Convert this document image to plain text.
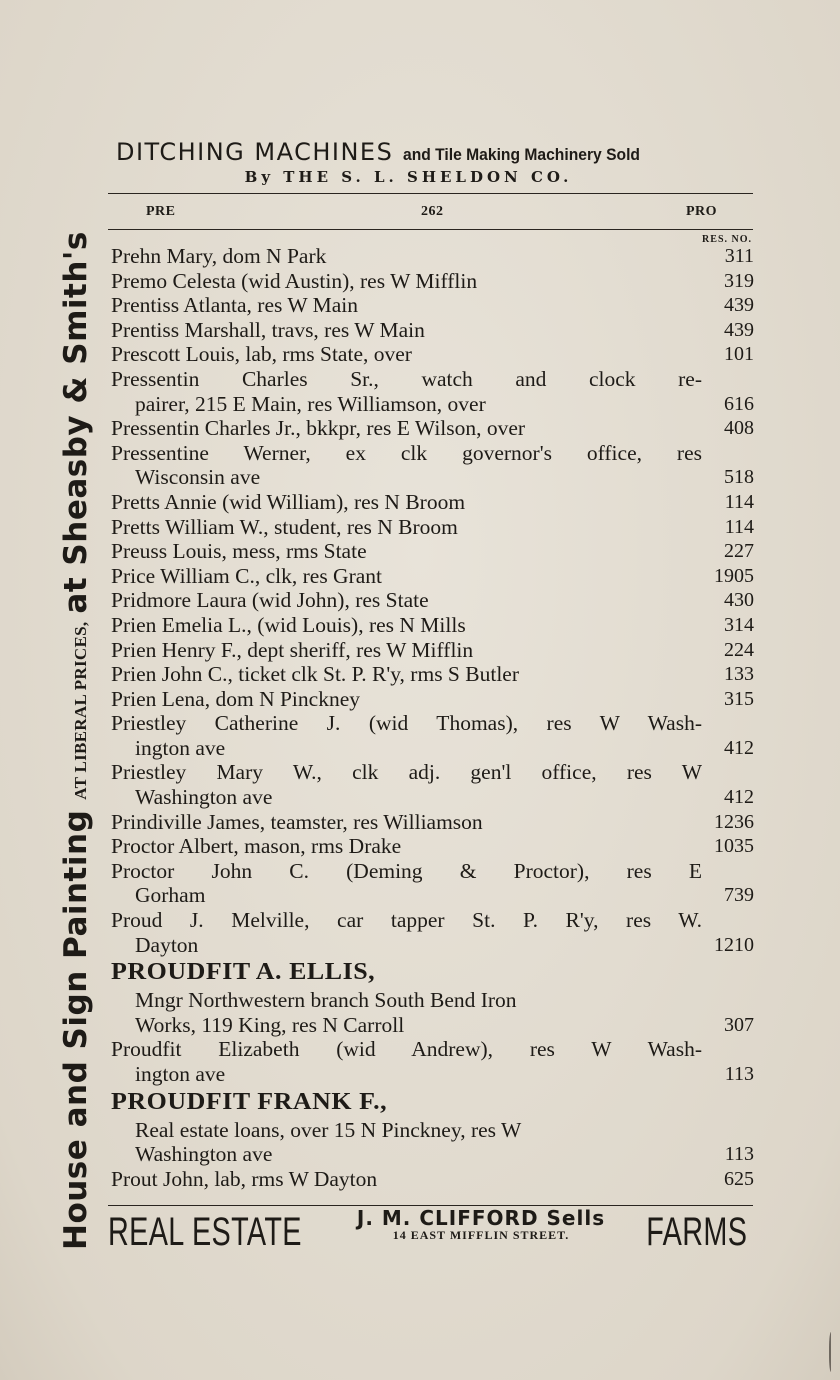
House and Sign Painting
AT LIBERAL PRICES,
at Sheasby & Smith's
DITCHING MACHINES and Tile Making Machinery Sold
By THE S. L. SHELDON CO.
PRE	262	PRO
RES. NO.
Prehn Mary, dom N Park	311
Premo Celesta (wid Austin), res W Mifflin	319
Prentiss Atlanta, res W Main	439
Prentiss Marshall, travs, res W Main	439
Prescott Louis, lab, rms State, over	101
Pressentin Charles Sr., watch and clock re-
pairer, 215 E Main, res Williamson, over	616
Pressentin Charles Jr., bkkpr, res E Wilson, over	408
Pressentine Werner, ex clk governor's office, res
Wisconsin ave	518
Pretts Annie (wid William), res N Broom	114
Pretts William W., student, res N Broom	114
Preuss Louis, mess, rms State	227
Price William C., clk, res Grant	1905
Pridmore Laura (wid John), res State	430
Prien Emelia L., (wid Louis), res N Mills	314
Prien Henry F., dept sheriff, res W Mifflin	224
Prien John C., ticket clk St. P. R'y, rms S Butler	133
Prien Lena, dom N Pinckney	315
Priestley Catherine J. (wid Thomas), res W Wash-
ington ave	412
Priestley Mary W., clk adj. gen'l office, res W
Washington ave	412
Prindiville James, teamster, res Williamson	1236
Proctor Albert, mason, rms Drake	1035
Proctor John C. (Deming & Proctor), res E
Gorham	739
Proud J. Melville, car tapper St. P. R'y, res W.
Dayton	1210
PROUDFIT A. ELLIS,
Mngr Northwestern branch South Bend Iron
Works, 119 King, res N Carroll	307
Proudfit Elizabeth (wid Andrew), res W Wash-
ington ave	113
PROUDFIT FRANK F.,
Real estate loans, over 15 N Pinckney, res W
Washington ave	113
Prout John, lab, rms W Dayton	625
REAL ESTATE	J. M. CLIFFORD Sells
14 EAST MIFFLIN STREET.	FARMS
